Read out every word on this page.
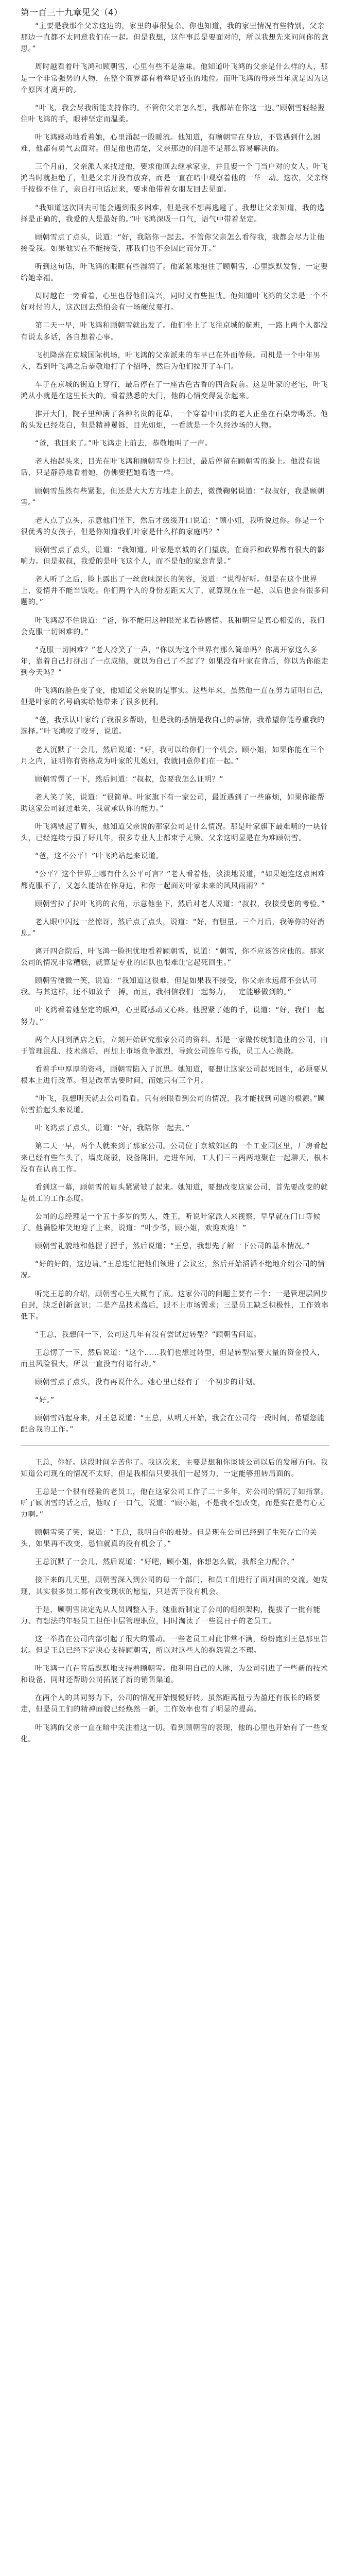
第一百三十九章见父（4）

“主要是我那个父亲这边的，家里的事很复杂。你也知道，我的家里情况有些特别，父亲那边一直都不太同意我们在一起。但是我想，这件事总是要面对的，所以我想先来问问你的意思。”

周时越看着叶飞鸿和顾朝雪，心里有些不是滋味。他知道叶飞鸿的父亲是什么样的人，那是一个非常强势的人物，在整个商界都有着举足轻重的地位。而叶飞鸿的母亲当年就是因为这个原因才离开的。

“叶飞，我会尽我所能支持你的。不管你父亲怎么想，我都站在你这一边。”顾朝雪轻轻握住叶飞鸿的手，眼神坚定而温柔。

叶飞鸿感动地看着她，心里涌起一股暖流。他知道，有顾朝雪在身边，不管遇到什么困难，他都有勇气去面对。但是他也清楚，父亲那边的问题不是那么容易解决的。

三个月前，父亲派人来找过他，要求他回去继承家业，并且娶一个门当户对的女人。叶飞鸿当时就拒绝了，但是父亲并没有放弃，而是一直在暗中观察着他的一举一动。这次，父亲终于按捺不住了，亲自打电话过来，要求他带着女朋友回去见面。

“我知道这次回去可能会遇到很多困难，但是我不想再逃避了。我想让父亲知道，我的选择是正确的，我爱的人是最好的。”叶飞鸿深吸一口气，语气中带着坚定。

顾朝雪点了点头，说道：“好，我陪你一起去。不管你父亲怎么看待我，我都会尽力让他接受我。如果他实在不能接受，那我们也不会因此而分开。”

听到这句话，叶飞鸿的眼眶有些湿润了。他紧紧地抱住了顾朝雪，心里默默发誓，一定要给她幸福。

周时越在一旁看着，心里也替他们高兴，同时又有些担忧。他知道叶飞鸿的父亲是一个不好对付的人，这次回去恐怕会有一场硬仗要打。

第二天一早，叶飞鸿和顾朝雪就出发了。他们坐上了飞往京城的航班，一路上两个人都没有说太多话，各自想着心事。

飞机降落在京城国际机场，叶飞鸿的父亲派来的车早已在外面等候。司机是一个中年男人，看到叶飞鸿之后恭敬地打了个招呼，然后为他们拉开了车门。

车子在京城的街道上穿行，最后停在了一座古色古香的四合院前。这是叶家的老宅，叶飞鸿从小就是在这里长大的。看着熟悉的大门，他的心情变得复杂起来。

推开大门，院子里种满了各种名贵的花草，一个穿着中山装的老人正坐在石桌旁喝茶。他的头发已经花白，但是精神矍铄，目光如炬，一看就是一个久经沙场的人物。

“爸，我回来了。”叶飞鸿走上前去，恭敬地叫了一声。

老人抬起头来，目光在叶飞鸿和顾朝雪身上扫过，最后停留在顾朝雪的脸上。他没有说话，只是静静地看着她，仿佛要把她看透一样。

顾朝雪虽然有些紧张，但还是大大方方地走上前去，微微鞠躬说道：“叔叔好，我是顾朝雪。”

老人点了点头，示意他们坐下，然后才缓缓开口说道：“顾小姐，我听说过你。你是一个很优秀的女孩子，但是你知道我们叶家是什么样的家庭吗？”

顾朝雪点了点头，说道：“我知道。叶家是京城的名门望族，在商界和政界都有很大的影响力。但是叔叔，我爱的是叶飞这个人，而不是他的家庭背景。”

老人听了之后，脸上露出了一丝意味深长的笑容，说道：“说得好听。但是在这个世界上，爱情并不能当饭吃。你们两个人的身份差距太大了，就算现在在一起，以后也会有很多问题的。”

叶飞鸿忍不住说道：“爸，你不能用这种眼光来看待感情。我和朝雪是真心相爱的，我们会克服一切困难的。”

“克服一切困难？”老人冷笑了一声，“你以为这个世界有那么简单吗？你离开家这么多年，靠着自己打拼出了一点成绩，就以为自己了不起了？如果没有叶家在背后，你以为你能走到今天吗？”

叶飞鸿的脸色变了变，他知道父亲说的是事实。这些年来，虽然他一直在努力证明自己，但是叶家的名号确实给他带来了很多便利。

“爸，我承认叶家给了我很多帮助，但是我的感情是我自己的事情，我希望你能尊重我的选择。”叶飞鸿咬了咬牙，说道。

老人沉默了一会儿，然后说道：“好，我可以给你们一个机会。顾小姐，如果你能在三个月之内，证明你有资格成为叶家的儿媳妇，我就同意你们在一起。”

顾朝雪愣了一下，然后问道：“叔叔，您要我怎么证明？”

老人笑了笑，说道：“很简单。叶家旗下有一家公司，最近遇到了一些麻烦，如果你能帮助这家公司渡过难关，我就承认你的能力。”

叶飞鸿皱起了眉头，他知道父亲说的那家公司是什么情况。那是叶家旗下最难啃的一块骨头，已经连续亏损了好几年，很多专业人士都束手无策。父亲这明显是在为难顾朝雪。

“爸，这不公平！”叶飞鸿站起来说道。

“公平？这个世界上哪有什么公平可言？”老人看着他，淡淡地说道，“如果她连这点困难都克服不了，又怎么能站在你身边，和你一起面对叶家未来的风风雨雨？”

顾朝雪拉了拉叶飞鸿的衣角，示意他坐下，然后对老人说道：“叔叔，我接受您的考验。”

老人眼中闪过一丝惊讶，然后点了点头，说道：“好，有胆量。三个月后，我等你的好消息。”

离开四合院后，叶飞鸿一脸担忧地看着顾朝雪，说道：“朝雪，你不应该答应他的。那家公司的情况非常糟糕，就算是专业的团队也很难让它起死回生。”

顾朝雪微微一笑，说道：“我知道这很难，但是如果我不接受，你父亲永远都不会认可我。与其这样，还不如放手一搏。而且，我相信我们一起努力，一定能够做到的。”

叶飞鸿看着她坚定的眼神，心里既感动又心疼。他握紧了她的手，说道：“好，我们一起努力。”

两个人回到酒店之后，立刻开始研究那家公司的资料。那是一家做传统制造业的公司，由于管理混乱、技术落后，再加上市场竞争激烈，导致公司连年亏损，员工人心涣散。

看着手中厚厚的资料，顾朝雪陷入了沉思。她知道，要想让这家公司起死回生，必须要从根本上进行改革。但是改革需要时间，而她只有三个月。

“叶飞，我想明天就去公司看看。只有亲眼看到公司的情况，我才能找到问题的根源。”顾朝雪抬起头来说道。

叶飞鸿点了点头，说道：“好，我陪你一起去。”

第二天一早，两个人就来到了那家公司。公司位于京城郊区的一个工业园区里，厂房看起来已经有些年头了，墙皮斑驳，设备陈旧。走进车间，工人们三三两两地聚在一起聊天，根本没有在认真工作。

看到这一幕，顾朝雪的眉头紧紧皱了起来。她知道，要想改变这家公司，首先要改变的就是员工的工作态度。

公司的总经理是一个五十多岁的男人，姓王，听说叶家派人来视察，早早就在门口等候了。他满脸堆笑地迎了上来，说道：“叶少爷，顾小姐，欢迎欢迎！”

顾朝雪礼貌地和他握了握手，然后说道：“王总，我想先了解一下公司的基本情况。”

“好的好的，这边请。”王总连忙把他们领进了会议室，然后开始滔滔不绝地介绍公司的情况。

听完王总的介绍，顾朝雪心里大概有了底。这家公司的问题主要有三个：一是管理层固步自封，缺乏创新意识；二是产品技术落后，跟不上市场需求；三是员工缺乏积极性，工作效率低下。

“王总，我想问一下，公司这几年有没有尝试过转型？”顾朝雪问道。

王总愣了一下，然后说道：“这个……我们也想过转型，但是转型需要大量的资金投入，而且风险很大，所以一直没有付诸行动。”

顾朝雪点了点头，没有再说什么。她心里已经有了一个初步的计划。

“好。”

顾朝雪站起身来，对王总说道：“王总，从明天开始，我会在公司待一段时间，希望您能配合我的工作。”

王总，你好。这段时间辛苦你了。我这次来，主要是想和你谈谈公司以后的发展方向。我知道公司现在的情况不太好，但是我相信只要我们一起努力，一定能够扭转局面的。

王总是一个很有经验的老员工，他在这家公司工作了二十多年，对公司的情况了如指掌。听了顾朝雪的话之后，他叹了一口气，说道：“顾小姐，不是我不想改变，而是实在是有心无力啊。”

顾朝雪笑了笑，说道：“王总，我明白你的难处。但是现在公司已经到了生死存亡的关头，如果再不改变，恐怕就真的没有机会了。”

王总沉默了一会儿，然后说道：“好吧，顾小姐，你想怎么做，我都全力配合。”

接下来的几天里，顾朝雪深入到公司的每一个部门，和员工们进行了面对面的交流。她发现，其实很多员工都有改变现状的愿望，只是苦于没有机会。

于是，顾朝雪决定先从人员调整入手。她重新制定了公司的组织架构，提拔了一批有能力、有想法的年轻员工担任中层管理职位，同时淘汰了一些混日子的老员工。

这一举措在公司内部引起了很大的震动。一些老员工对此非常不满，纷纷跑到王总那里告状。但是王总已经下定决心支持顾朝雪，所以对这些人的抱怨置之不理。

叶飞鸿一直在背后默默地支持着顾朝雪。他利用自己的人脉，为公司引进了一些新的技术和设备，同时还帮助公司拓展了新的销售渠道。

在两个人的共同努力下，公司的情况开始慢慢好转。虽然距离扭亏为盈还有很长的路要走，但是员工们的精神面貌已经焕然一新，工作效率也有了明显的提高。

叶飞鸿的父亲一直在暗中关注着这一切。看到顾朝雪的表现，他的心里也开始有了一些变化。
